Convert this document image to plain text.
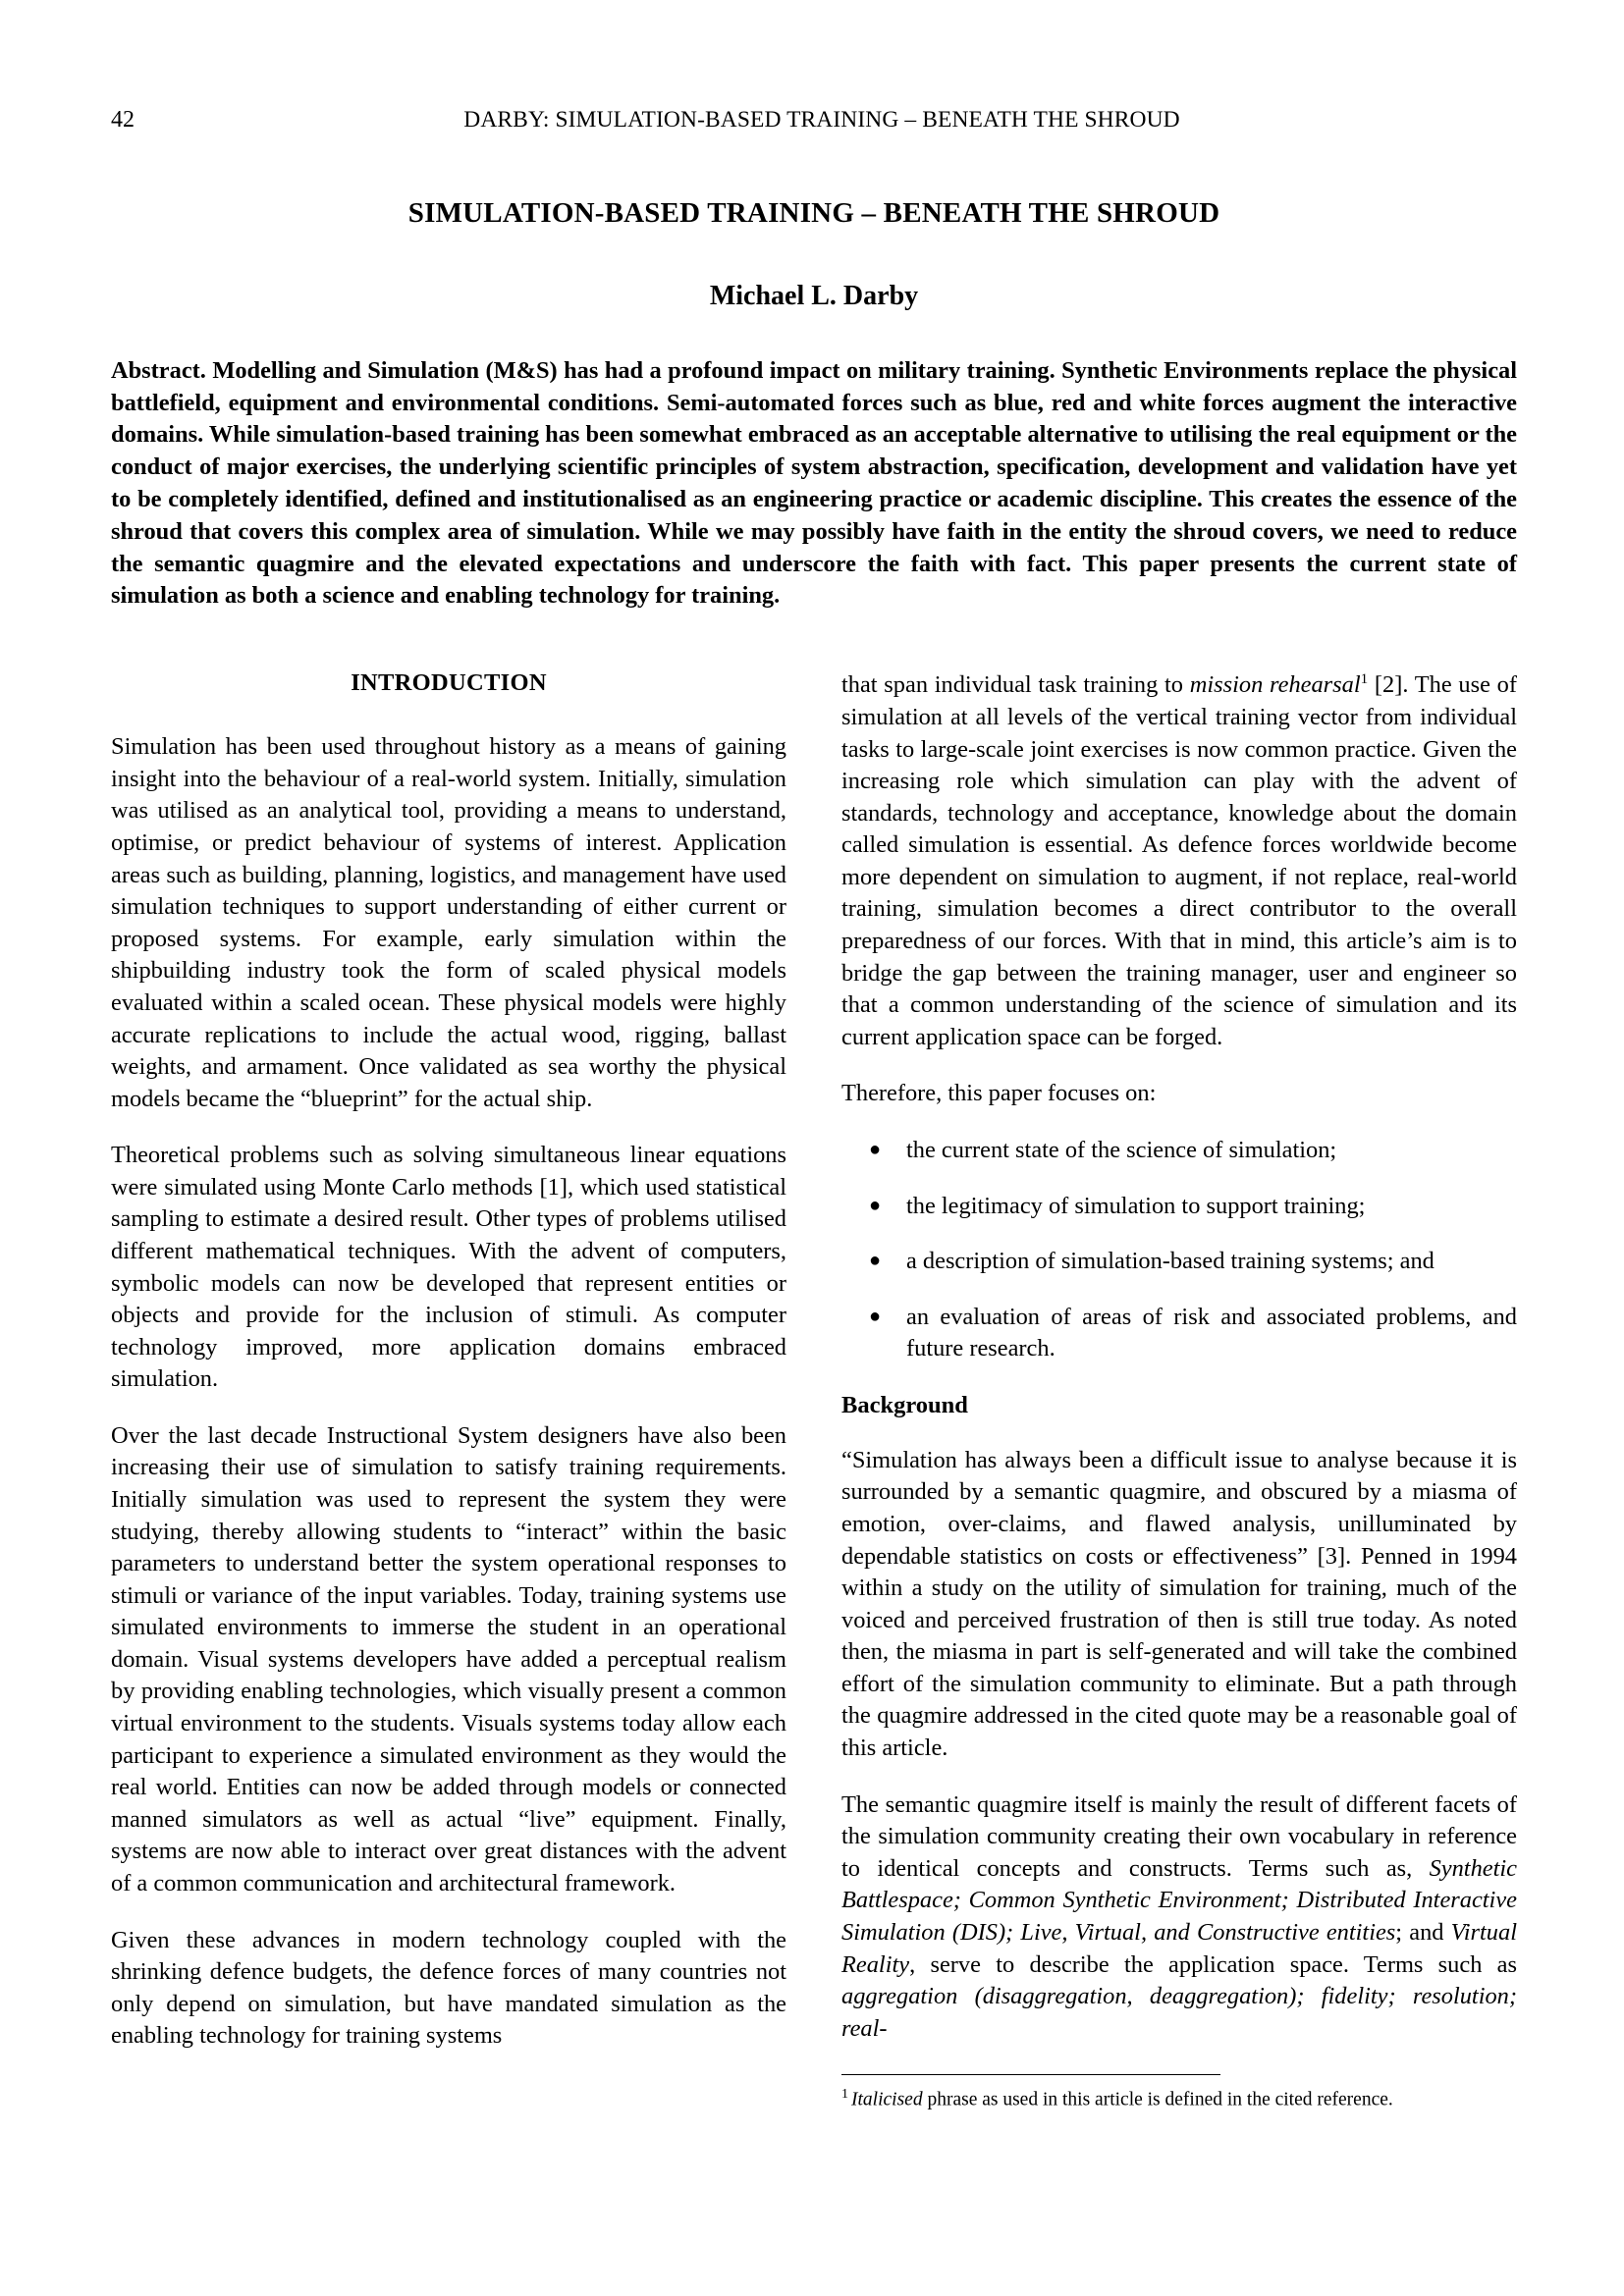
42	DARBY: SIMULATION-BASED TRAINING – BENEATH THE SHROUD
SIMULATION-BASED TRAINING – BENEATH THE SHROUD
Michael L. Darby

Abstract. Modelling and Simulation (M&S) has had a profound impact on military training. Synthetic Environments replace the physical battlefield, equipment and environmental conditions. Semi-automated forces such as blue, red and white forces augment the interactive domains. While simulation-based training has been somewhat embraced as an acceptable alternative to utilising the real equipment or the conduct of major exercises, the underlying scientific principles of system abstraction, specification, development and validation have yet to be completely identified, defined and institutionalised as an engineering practice or academic discipline. This creates the essence of the shroud that covers this complex area of simulation. While we may possibly have faith in the entity the shroud covers, we need to reduce the semantic quagmire and the elevated expectations and underscore the faith with fact. This paper presents the current state of simulation as both a science and enabling technology for training.

INTRODUCTION

Simulation has been used throughout history as a means of gaining insight into the behaviour of a real-world system. Initially, simulation was utilised as an analytical tool, providing a means to understand, optimise, or predict behaviour of systems of interest. Application areas such as building, planning, logistics, and management have used simulation techniques to support understanding of either current or proposed systems. For example, early simulation within the shipbuilding industry took the form of scaled physical models evaluated within a scaled ocean. These physical models were highly accurate replications to include the actual wood, rigging, ballast weights, and armament. Once validated as sea worthy the physical models became the “blueprint” for the actual ship.

Theoretical problems such as solving simultaneous linear equations were simulated using Monte Carlo methods [1], which used statistical sampling to estimate a desired result. Other types of problems utilised different mathematical techniques. With the advent of computers, symbolic models can now be developed that represent entities or objects and provide for the inclusion of stimuli. As computer technology improved, more application domains embraced simulation.

Over the last decade Instructional System designers have also been increasing their use of simulation to satisfy training requirements. Initially simulation was used to represent the system they were studying, thereby allowing students to “interact” within the basic parameters to understand better the system operational responses to stimuli or variance of the input variables. Today, training systems use simulated environments to immerse the student in an operational domain. Visual systems developers have added a perceptual realism by providing enabling technologies, which visually present a common virtual environment to the students. Visuals systems today allow each participant to experience a simulated environment as they would the real world. Entities can now be added through models or connected manned simulators as well as actual “live” equipment. Finally, systems are now able to interact over great distances with the advent of a common communication and architectural framework.

Given these advances in modern technology coupled with the shrinking defence budgets, the defence forces of many countries not only depend on simulation, but have mandated simulation as the enabling technology for training systems

that span individual task training to mission rehearsal$^1$ [2]. The use of simulation at all levels of the vertical training vector from individual tasks to large-scale joint exercises is now common practice. Given the increasing role which simulation can play with the advent of standards, technology and acceptance, knowledge about the domain called simulation is essential. As defence forces worldwide become more dependent on simulation to augment, if not replace, real-world training, simulation becomes a direct contributor to the overall preparedness of our forces. With that in mind, this article’s aim is to bridge the gap between the training manager, user and engineer so that a common understanding of the science of simulation and its current application space can be forged.

Therefore, this paper focuses on:

● the current state of the science of simulation;
● the legitimacy of simulation to support training;
● a description of simulation-based training systems; and
● an evaluation of areas of risk and associated problems, and future research.
Background

“Simulation has always been a difficult issue to analyse because it is surrounded by a semantic quagmire, and obscured by a miasma of emotion, over-claims, and flawed analysis, unilluminated by dependable statistics on costs or effectiveness” [3]. Penned in 1994 within a study on the utility of simulation for training, much of the voiced and perceived frustration of then is still true today. As noted then, the miasma in part is self-generated and will take the combined effort of the simulation community to eliminate. But a path through the quagmire addressed in the cited quote may be a reasonable goal of this article.

The semantic quagmire itself is mainly the result of different facets of the simulation community creating their own vocabulary in reference to identical concepts and constructs. Terms such as, Synthetic Battlespace; Common Synthetic Environment; Distributed Interactive Simulation (DIS); Live, Virtual, and Constructive entities; and Virtual Reality, serve to describe the application space. Terms such as aggregation (disaggregation, deaggregation); fidelity; resolution; real-

$^1$ Italicised phrase as used in this article is defined in the cited reference.
